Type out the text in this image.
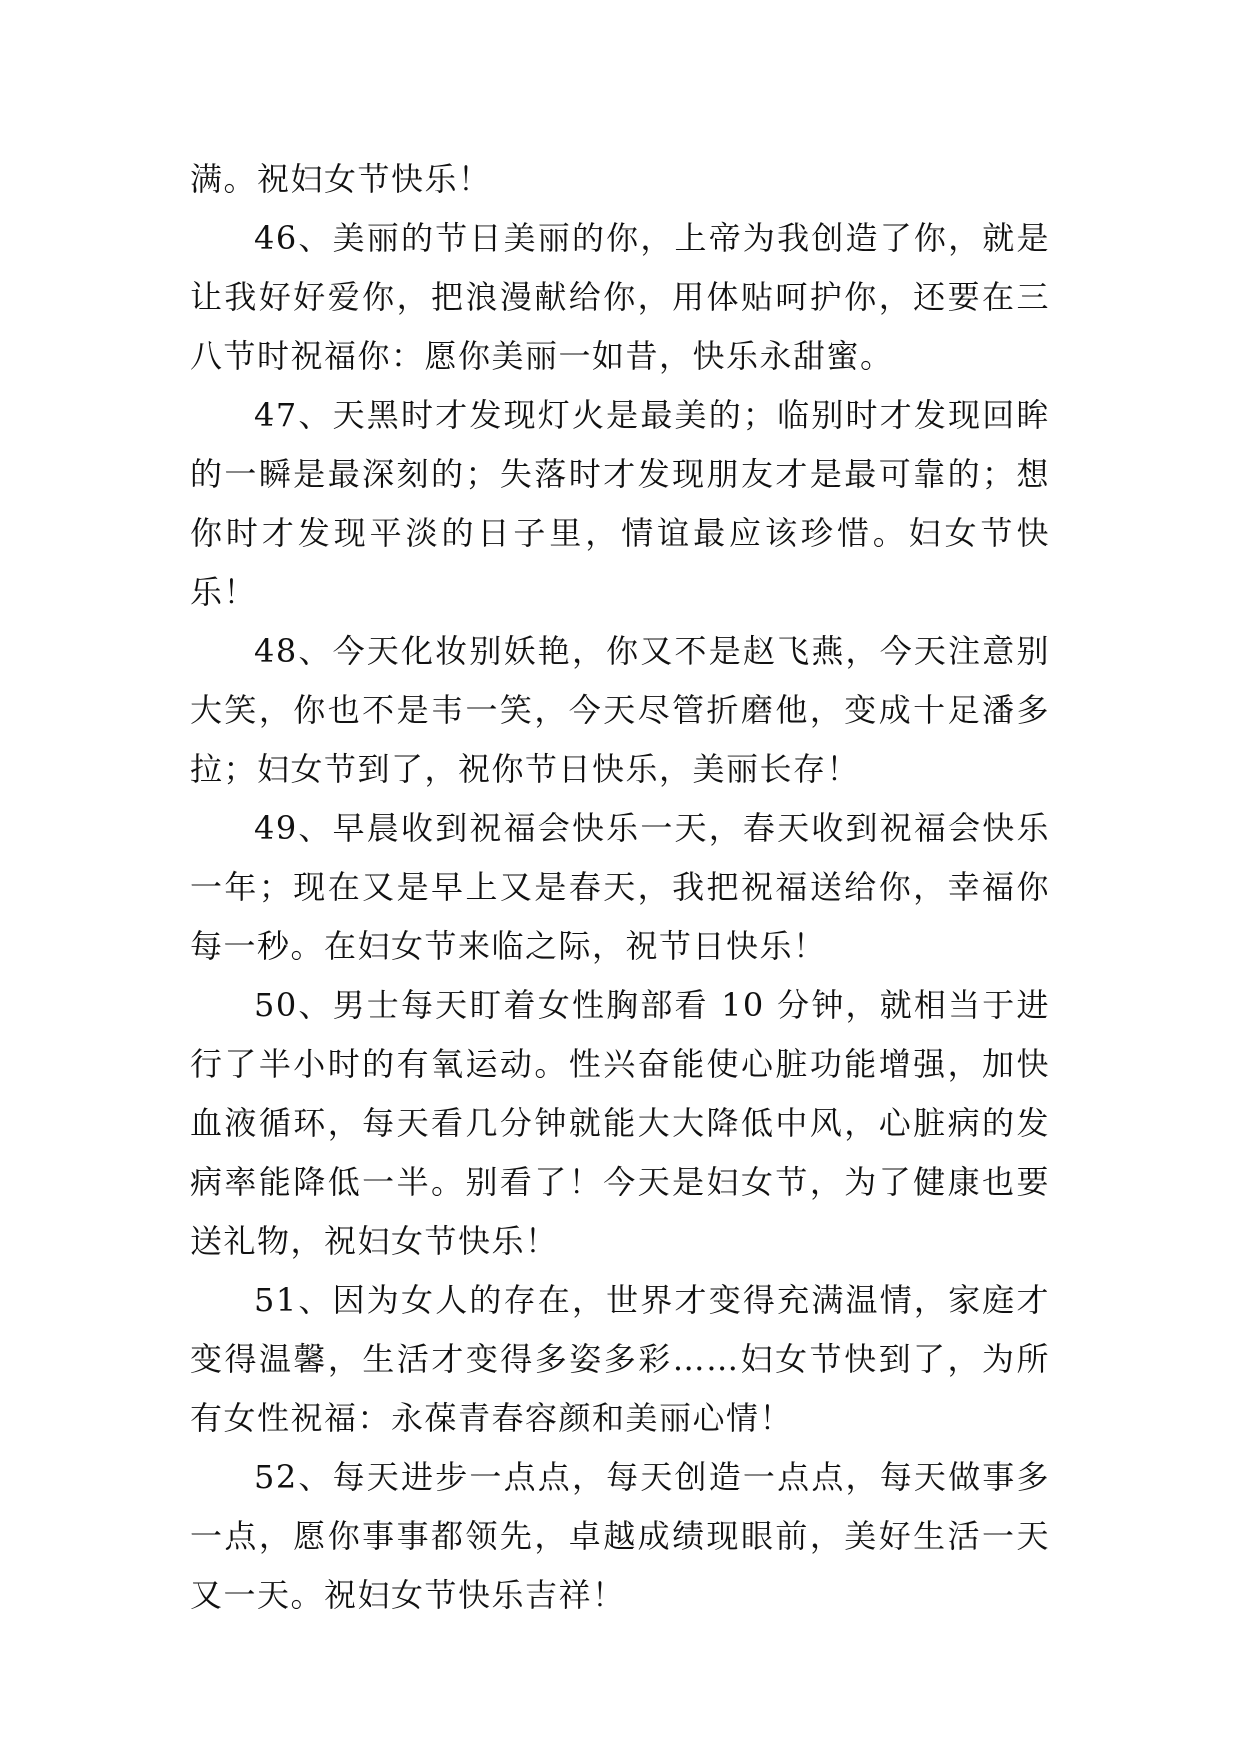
满。祝妇女节快乐！

46、美丽的节日美丽的你，上帝为我创造了你，就是让我好好爱你，把浪漫献给你，用体贴呵护你，还要在三八节时祝福你：愿你美丽一如昔，快乐永甜蜜。

47、天黑时才发现灯火是最美的；临别时才发现回眸的一瞬是最深刻的；失落时才发现朋友才是最可靠的；想你时才发现平淡的日子里，情谊最应该珍惜。妇女节快乐！

48、今天化妆别妖艳，你又不是赵飞燕，今天注意别大笑，你也不是韦一笑，今天尽管折磨他，变成十足潘多拉；妇女节到了，祝你节日快乐，美丽长存！

49、早晨收到祝福会快乐一天，春天收到祝福会快乐一年；现在又是早上又是春天，我把祝福送给你，幸福你每一秒。在妇女节来临之际，祝节日快乐！

50、男士每天盯着女性胸部看 10 分钟，就相当于进行了半小时的有氧运动。性兴奋能使心脏功能增强，加快血液循环，每天看几分钟就能大大降低中风，心脏病的发病率能降低一半。别看了！今天是妇女节，为了健康也要送礼物，祝妇女节快乐！

51、因为女人的存在，世界才变得充满温情，家庭才变得温馨，生活才变得多姿多彩……妇女节快到了，为所有女性祝福：永葆青春容颜和美丽心情！

52、每天进步一点点，每天创造一点点，每天做事多一点，愿你事事都领先，卓越成绩现眼前，美好生活一天又一天。祝妇女节快乐吉祥！
